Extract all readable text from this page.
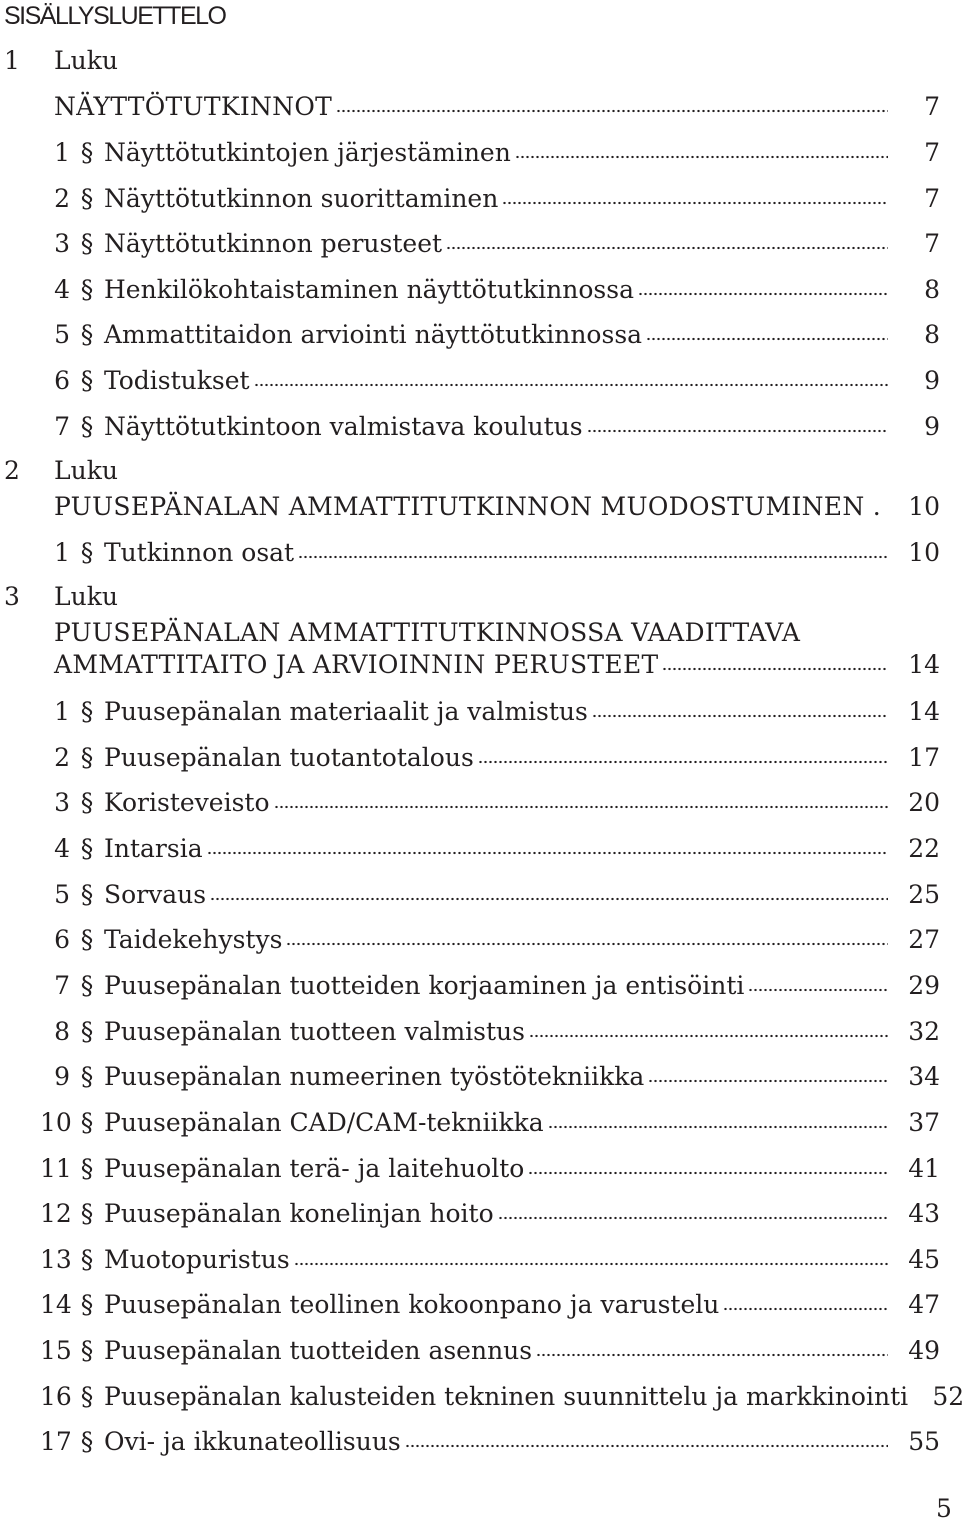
SISÄLLYSLUETTELO
1 Luku
NÄYTTÖTUTKINNOT	7
1 § Näyttötutkintojen järjestäminen	7
2 § Näyttötutkinnon suorittaminen	7
3 § Näyttötutkinnon perusteet	7
4 § Henkilökohtaistaminen näyttötutkinnossa	8
5 § Ammattitaidon arviointi näyttötutkinnossa	8
6 § Todistukset	9
7 § Näyttötutkintoon valmistava koulutus	9
2 Luku
PUUSEPÄNALAN AMMATTITUTKINNON MUODOSTUMINEN .	10
1 § Tutkinnon osat	10
3 Luku
PUUSEPÄNALAN AMMATTITUTKINNOSSA VAADITTAVA
AMMATTITAITO JA ARVIOINNIN PERUSTEET	14
1 § Puusepänalan materiaalit ja valmistus	14
2 § Puusepänalan tuotantotalous	17
3 § Koristeveisto	20
4 § Intarsia	22
5 § Sorvaus	25
6 § Taidekehystys	27
7 § Puusepänalan tuotteiden korjaaminen ja entisöinti	29
8 § Puusepänalan tuotteen valmistus	32
9 § Puusepänalan numeerinen työstötekniikka	34
10 § Puusepänalan CAD/CAM-tekniikka	37
11 § Puusepänalan terä- ja laitehuolto	41
12 § Puusepänalan konelinjan hoito	43
13 § Muotopuristus	45
14 § Puusepänalan teollinen kokoonpano ja varustelu	47
15 § Puusepänalan tuotteiden asennus	49
16 § Puusepänalan kalusteiden tekninen suunnittelu ja markkinointi 52
17 § Ovi- ja ikkunateollisuus	55
5
